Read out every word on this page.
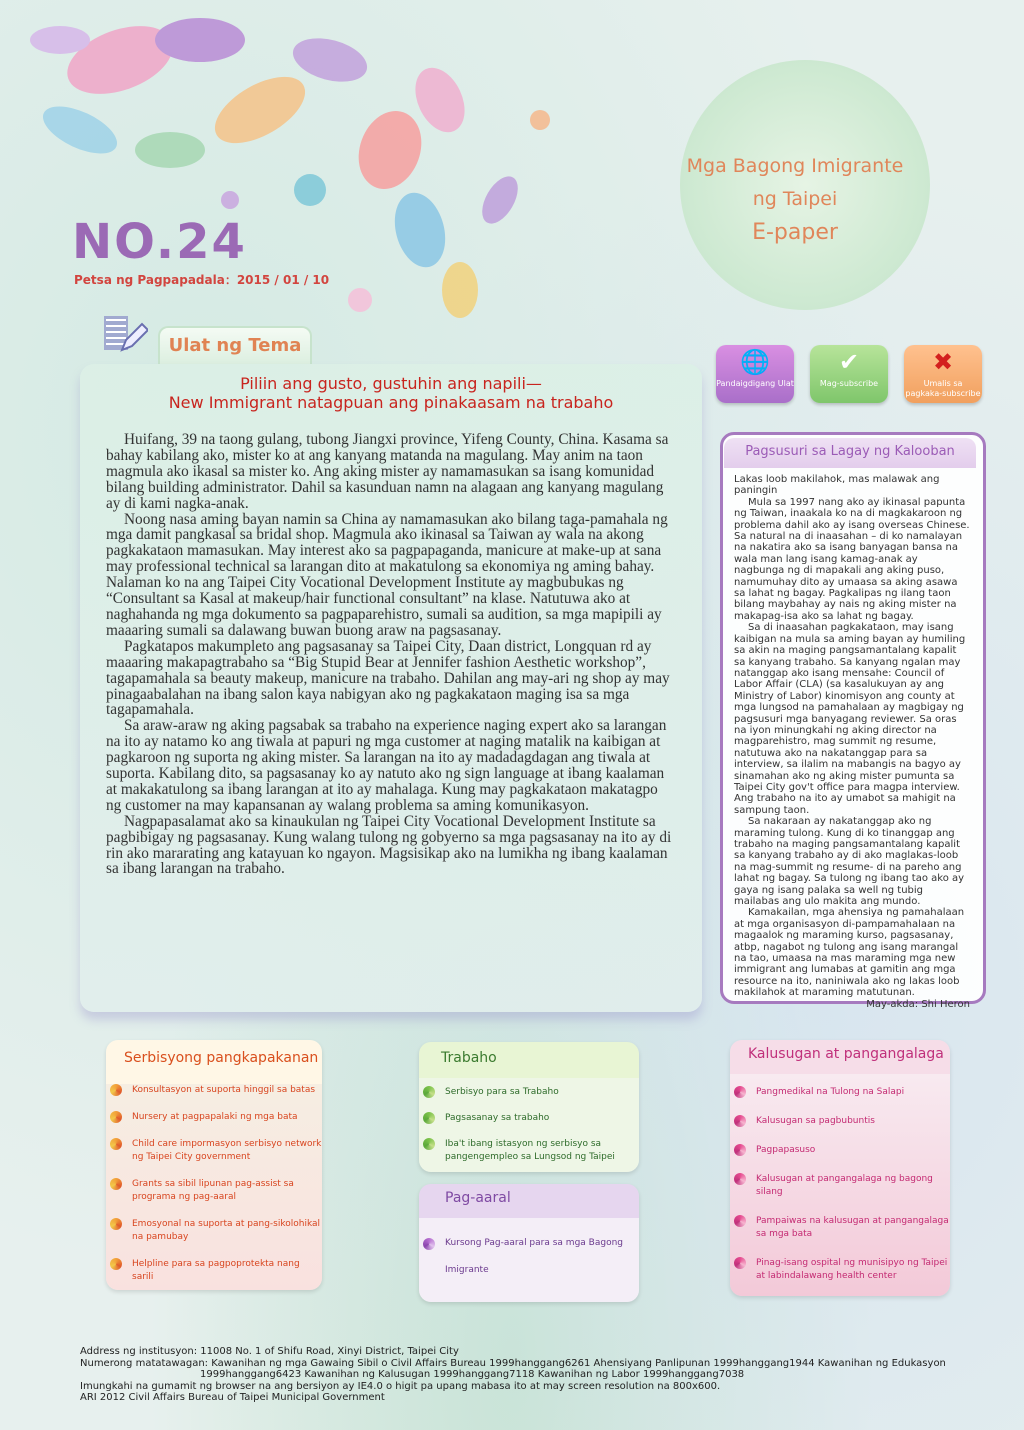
Mga Bagong Imigrante
ng Taipei
E-paper
NO.24
Petsa ng Pagpapadala：2015 / 01 / 10
Ulat ng Tema
Piliin ang gusto, gustuhin ang napili—
New Immigrant natagpuan ang pinakaasam na trabaho

Huifang, 39 na taong gulang, tubong Jiangxi province, Yifeng County, China. Kasama sa bahay kabilang ako, mister ko at ang kanyang matanda na magulang. May anim na taon magmula ako ikasal sa mister ko. Ang aking mister ay namamasukan sa isang komunidad bilang building administrator. Dahil sa kasunduan namn na alagaan ang kanyang magulang ay di kami nagka-anak.

Noong nasa aming bayan namin sa China ay namamasukan ako bilang taga-pamahala ng mga damit pangkasal sa bridal shop. Magmula ako ikinasal sa Taiwan ay wala na akong pagkakataon mamasukan. May interest ako sa pagpapaganda, manicure at make-up at sana may professional technical sa larangan dito at makatulong sa ekonomiya ng aming bahay. Nalaman ko na ang Taipei City Vocational Development Institute ay magbubukas ng “Consultant sa Kasal at makeup/hair functional consultant” na klase. Natutuwa ako at naghahanda ng mga dokumento sa pagpaparehistro, sumali sa audition, sa mga mapipili ay maaaring sumali sa dalawang buwan buong araw na pagsasanay.

Pagkatapos makumpleto ang pagsasanay sa Taipei City, Daan district, Longquan rd ay maaaring makapagtrabaho sa “Big Stupid Bear at Jennifer fashion Aesthetic workshop”, tagapamahala sa beauty makeup, manicure na trabaho. Dahilan ang may-ari ng shop ay may pinagaabalahan na ibang salon kaya nabigyan ako ng pagkakataon maging isa sa mga tagapamahala.

Sa araw-araw ng aking pagsabak sa trabaho na experience naging expert ako sa larangan na ito ay natamo ko ang tiwala at papuri ng mga customer at naging matalik na kaibigan at pagkaroon ng suporta ng aking mister. Sa larangan na ito ay madadagdagan ang tiwala at suporta. Kabilang dito, sa pagsasanay ko ay natuto ako ng sign language at ibang kaalaman at makakatulong sa ibang larangan at ito ay mahalaga. Kung may pagkakataon makatagpo ng customer na may kapansanan ay walang problema sa aming komunikasyon.

Nagpapasalamat ako sa kinaukulan ng Taipei City Vocational Development Institute sa pagbibigay ng pagsasanay. Kung walang tulong ng gobyerno sa mga pagsasanay na ito ay di rin ako mararating ang katayuan ko ngayon. Magsisikap ako na lumikha ng ibang kaalaman sa ibang larangan na trabaho.

🌐
Pandaigdigang Ulat
✔
Mag-subscribe
✖
Umalis sa pagkaka-subscribe
Pagsusuri sa Lagay ng Kalooban

Lakas loob makilahok, mas malawak ang paningin

Mula sa 1997 nang ako ay ikinasal papunta ng Taiwan, inaakala ko na di magkakaroon ng problema dahil ako ay isang overseas Chinese. Sa natural na di inaasahan – di ko namalayan na nakatira ako sa isang banyagan bansa na wala man lang isang kamag-anak ay nagbunga ng di mapakali ang aking puso, namumuhay dito ay umaasa sa aking asawa sa lahat ng bagay. Pagkalipas ng ilang taon bilang maybahay ay nais ng aking mister na makapag-isa ako sa lahat ng bagay.

Sa di inaasahan pagkakataon, may isang kaibigan na mula sa aming bayan ay humiling sa akin na maging pangsamantalang kapalit sa kanyang trabaho. Sa kanyang ngalan may natanggap ako isang mensahe: Council of Labor Affair (CLA) (sa kasalukuyan ay ang Ministry of Labor) kinomisyon ang county at mga lungsod na pamahalaan ay magbigay ng pagsusuri mga banyagang reviewer. Sa oras na iyon minungkahi ng aking director na magparehistro, mag summit ng resume, natutuwa ako na nakatanggap para sa interview, sa ilalim na mabangis na bagyo ay sinamahan ako ng aking mister pumunta sa Taipei City gov't office para magpa interview. Ang trabaho na ito ay umabot sa mahigit na sampung taon.

Sa nakaraan ay nakatanggap ako ng maraming tulong. Kung di ko tinanggap ang trabaho na maging pangsamantalang kapalit sa kanyang trabaho ay di ako maglakas-loob na mag-summit ng resume- di na pareho ang lahat ng bagay. Sa tulong ng ibang tao ako ay gaya ng isang palaka sa well ng tubig mailabas ang ulo makita ang mundo.

Kamakailan, mga ahensiya ng pamahalaan at mga organisasyon di-pampamahalaan na magaalok ng maraming kurso, pagsasanay, atbp, nagabot ng tulong ang isang marangal na tao, umaasa na mas maraming mga new immigrant ang lumabas at gamitin ang mga resource na ito, naniniwala ako ng lakas loob makilahok at maraming matutunan.

May-akda: Shi Heron

Serbisyong pangkapakanan
Konsultasyon at suporta hinggil sa batas
Nursery at pagpapalaki ng mga bata
Child care impormasyon serbisyo network ng Taipei City government
Grants sa sibil lipunan pag-assist sa programa ng pag-aaral
Emosyonal na suporta at pang-sikolohikal na pamubay
Helpline para sa pagpoprotekta nang sarili
Trabaho
Serbisyo para sa Trabaho
Pagsasanay sa trabaho
Iba't ibang istasyon ng serbisyo sa pangengempleo sa Lungsod ng Taipei
Pag-aaral
Kursong Pag-aaral para sa mga Bagong Imigrante
Kalusugan at pangangalaga
Pangmedikal na Tulong na Salapi
Kalusugan sa pagbubuntis
Pagpapasuso
Kalusugan at pangangalaga ng bagong silang
Pampaiwas na kalusugan at pangangalaga sa mga bata
Pinag-isang ospital ng munisipyo ng Taipei at labindalawang health center
Address ng institusyon: 11008 No. 1 of Shifu Road, Xinyi District, Taipei City
Numerong matatawagan: Kawanihan ng mga Gawaing Sibil o Civil Affairs Bureau 1999hanggang6261 Ahensiyang Panlipunan 1999hanggang1944 Kawanihan ng Edukasyon
1999hanggang6423 Kawanihan ng Kalusugan 1999hanggang7118 Kawanihan ng Labor 1999hanggang7038
Imungkahi na gumamit ng browser na ang bersiyon ay IE4.0 o higit pa upang mabasa ito at may screen resolution na 800x600.
ARI 2012 Civil Affairs Bureau of Taipei Municipal Government
